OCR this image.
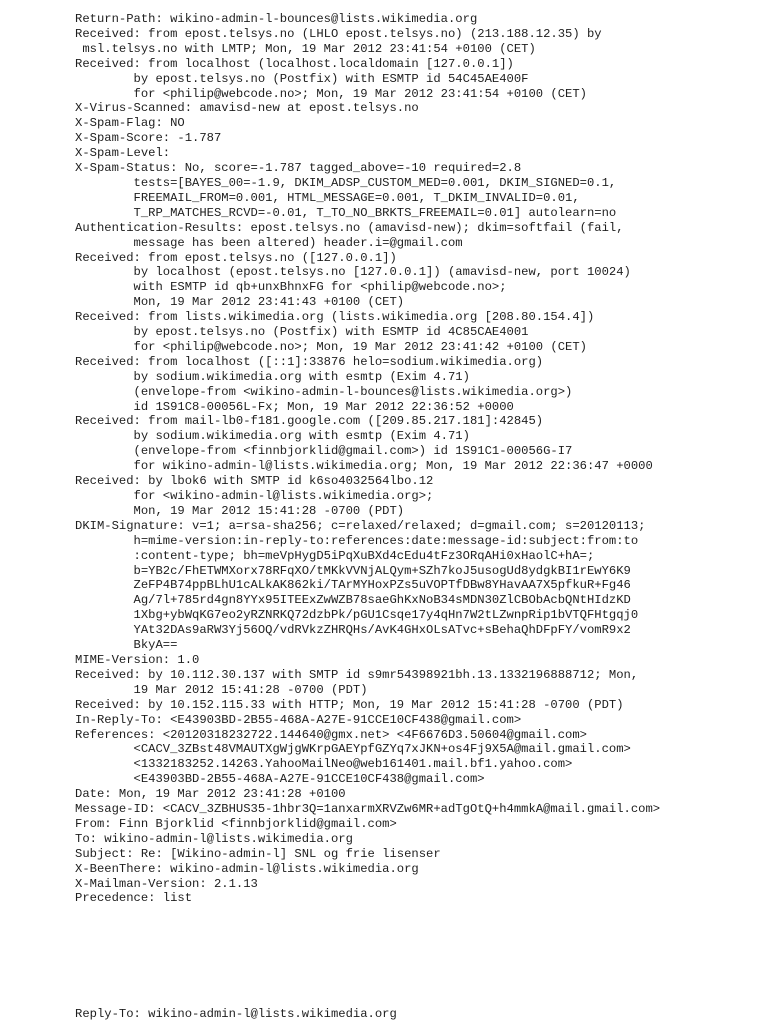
Return-Path: wikino-admin-l-bounces@lists.wikimedia.org
Received: from epost.telsys.no (LHLO epost.telsys.no) (213.188.12.35) by
msl.telsys.no with LMTP; Mon, 19 Mar 2012 23:41:54 +0100 (CET)
Received: from localhost (localhost.localdomain [127.0.0.1])
by epost.telsys.no (Postfix) with ESMTP id 54C45AE400F
for <philip@webcode.no>; Mon, 19 Mar 2012 23:41:54 +0100 (CET)
X-Virus-Scanned: amavisd-new at epost.telsys.no
X-Spam-Flag: NO
X-Spam-Score: -1.787
X-Spam-Level:
X-Spam-Status: No, score=-1.787 tagged_above=-10 required=2.8
tests=[BAYES_00=-1.9, DKIM_ADSP_CUSTOM_MED=0.001, DKIM_SIGNED=0.1,
FREEMAIL_FROM=0.001, HTML_MESSAGE=0.001, T_DKIM_INVALID=0.01,
T_RP_MATCHES_RCVD=-0.01, T_TO_NO_BRKTS_FREEMAIL=0.01] autolearn=no
Authentication-Results: epost.telsys.no (amavisd-new); dkim=softfail (fail,
message has been altered) header.i=@gmail.com
Received: from epost.telsys.no ([127.0.0.1])
by localhost (epost.telsys.no [127.0.0.1]) (amavisd-new, port 10024)
with ESMTP id qb+unxBhnxFG for <philip@webcode.no>;
Mon, 19 Mar 2012 23:41:43 +0100 (CET)
Received: from lists.wikimedia.org (lists.wikimedia.org [208.80.154.4])
by epost.telsys.no (Postfix) with ESMTP id 4C85CAE4001
for <philip@webcode.no>; Mon, 19 Mar 2012 23:41:42 +0100 (CET)
Received: from localhost ([::1]:33876 helo=sodium.wikimedia.org)
by sodium.wikimedia.org with esmtp (Exim 4.71)
(envelope-from <wikino-admin-l-bounces@lists.wikimedia.org>)
id 1S91C8-00056L-Fx; Mon, 19 Mar 2012 22:36:52 +0000
Received: from mail-lb0-f181.google.com ([209.85.217.181]:42845)
by sodium.wikimedia.org with esmtp (Exim 4.71)
(envelope-from <finnbjorklid@gmail.com>) id 1S91C1-00056G-I7
for wikino-admin-l@lists.wikimedia.org; Mon, 19 Mar 2012 22:36:47 +0000
Received: by lbok6 with SMTP id k6so4032564lbo.12
for <wikino-admin-l@lists.wikimedia.org>;
Mon, 19 Mar 2012 15:41:28 -0700 (PDT)
DKIM-Signature: v=1; a=rsa-sha256; c=relaxed/relaxed; d=gmail.com; s=20120113;
h=mime-version:in-reply-to:references:date:message-id:subject:from:to
:content-type; bh=meVpHygD5iPqXuBXd4cEdu4tFz3ORqAHi0xHaolC+hA=;
b=YB2c/FhETWMXorx78RFqXO/tMKkVVNjALQym+SZh7koJ5usogUd8ydgkBI1rEwY6K9
ZeFP4B74ppBLhU1cALkAK862ki/TArMYHoxPZs5uVOPTfDBw8YHavAA7X5pfkuR+Fg46
Ag/7l+785rd4gn8YYx95ITEExZwWZB78saeGhKxNoB34sMDN30ZlCBObAcbQNtHIdzKD
1Xbg+ybWqKG7eo2yRZNRKQ72dzbPk/pGU1Csqe17y4qHn7W2tLZwnpRip1bVTQFHtgqj0
YAt32DAs9aRW3Yj56OQ/vdRVkzZHRQHs/AvK4GHxOLsATvc+sBehaQhDFpFY/vomR9x2
BkyA==
MIME-Version: 1.0
Received: by 10.112.30.137 with SMTP id s9mr54398921bh.13.1332196888712; Mon,
19 Mar 2012 15:41:28 -0700 (PDT)
Received: by 10.152.115.33 with HTTP; Mon, 19 Mar 2012 15:41:28 -0700 (PDT)
In-Reply-To: <E43903BD-2B55-468A-A27E-91CCE10CF438@gmail.com>
References: <20120318232722.144640@gmx.net> <4F6676D3.50604@gmail.com>
<CACV_3ZBst48VMAUTXgWjgWKrpGAEYpfGZYq7xJKN+os4Fj9X5A@mail.gmail.com>
<1332183252.14263.YahooMailNeo@web161401.mail.bf1.yahoo.com>
<E43903BD-2B55-468A-A27E-91CCE10CF438@gmail.com>
Date: Mon, 19 Mar 2012 23:41:28 +0100
Message-ID: <CACV_3ZBHUS35-1hbr3Q=1anxarmXRVZw6MR+adTgOtQ+h4mmkA@mail.gmail.com>
From: Finn Bjorklid <finnbjorklid@gmail.com>
To: wikino-admin-l@lists.wikimedia.org
Subject: Re: [Wikino-admin-l] SNL og frie lisenser
X-BeenThere: wikino-admin-l@lists.wikimedia.org
X-Mailman-Version: 2.1.13
Precedence: list
Reply-To: wikino-admin-l@lists.wikimedia.org
